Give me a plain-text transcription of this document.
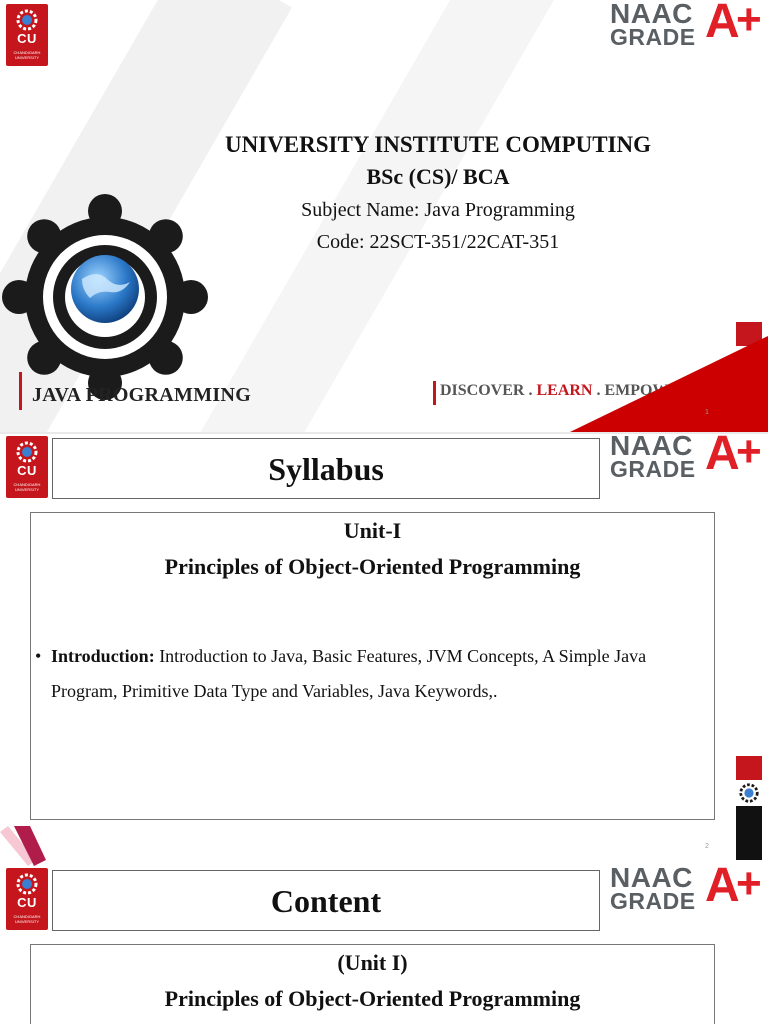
CU
CHANDIGARH UNIVERSITY
NAAC
GRADE A
+
UNIVERSITY INSTITUTE COMPUTING
BSc (CS)/ BCA
Subject Name: Java Programming
Code: 22SCT-351/22CAT-351
JAVA PROGRAMMING	DISCOVER . LEARN . EMPOWER
1
CU
CHANDIGARH UNIVERSITY
Syllabus
NAAC
GRADE A
+
Unit-I
Principles of Object-Oriented Programming
• Introduction: Introduction to Java, Basic Features, JVM Concepts, A Simple Java Program, Primitive Data Type and Variables, Java Keywords,.
2
CU
CHANDIGARH UNIVERSITY
Content
NAAC
GRADE A
+
(Unit I)
Principles of Object-Oriented Programming
